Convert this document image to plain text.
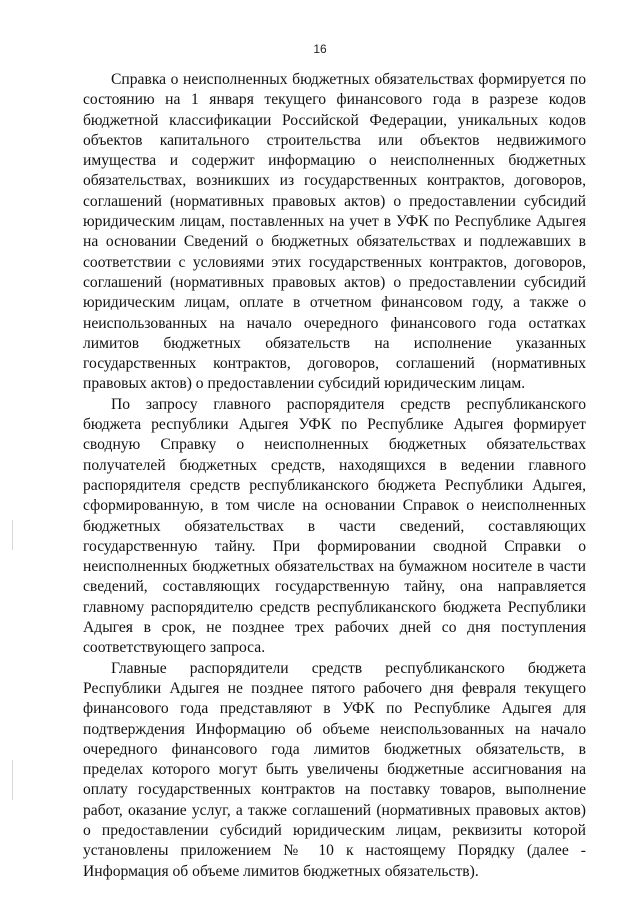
16

Справка о неисполненных бюджетных обязательствах формируется по состоянию на 1 января текущего финансового года в разрезе кодов бюджетной классификации Российской Федерации, уникальных кодов объектов капитального строительства или объектов недвижимого имущества и содержит информацию о неисполненных бюджетных обязательствах, возникших из государственных контрактов, договоров, соглашений (нормативных правовых актов) о предоставлении субсидий юридическим лицам, поставленных на учет в УФК по Республике Адыгея на основании Сведений о бюджетных обязательствах и подлежавших в соответствии с условиями этих государственных контрактов, договоров, соглашений (нормативных правовых актов) о предоставлении субсидий юридическим лицам, оплате в отчетном финансовом году, а также о неиспользованных на начало очередного финансового года остатках лимитов бюджетных обязательств на исполнение указанных государственных контрактов, договоров, соглашений (нормативных правовых актов) о предоставлении субсидий юридическим лицам.

По запросу главного распорядителя средств республиканского бюджета республики Адыгея УФК по Республике Адыгея формирует сводную Справку о неисполненных бюджетных обязательствах получателей бюджетных средств, находящихся в ведении главного распорядителя средств республиканского бюджета Республики Адыгея, сформированную, в том числе на основании Справок о неисполненных бюджетных обязательствах в части сведений, составляющих государственную тайну. При формировании сводной Справки о неисполненных бюджетных обязательствах на бумажном носителе в части сведений, составляющих государственную тайну, она направляется главному распорядителю средств республиканского бюджета Республики Адыгея в срок, не позднее трех рабочих дней со дня поступления соответствующего запроса.

Главные распорядители средств республиканского бюджета Республики Адыгея не позднее пятого рабочего дня февраля текущего финансового года представляют в УФК по Республике Адыгея для подтверждения Информацию об объеме неиспользованных на начало очередного финансового года лимитов бюджетных обязательств, в пределах которого могут быть увеличены бюджетные ассигнования на оплату государственных контрактов на поставку товаров, выполнение работ, оказание услуг, а также соглашений (нормативных правовых актов) о предоставлении субсидий юридическим лицам, реквизиты которой установлены приложением № 10 к настоящему Порядку (далее - Информация об объеме лимитов бюджетных обязательств).
